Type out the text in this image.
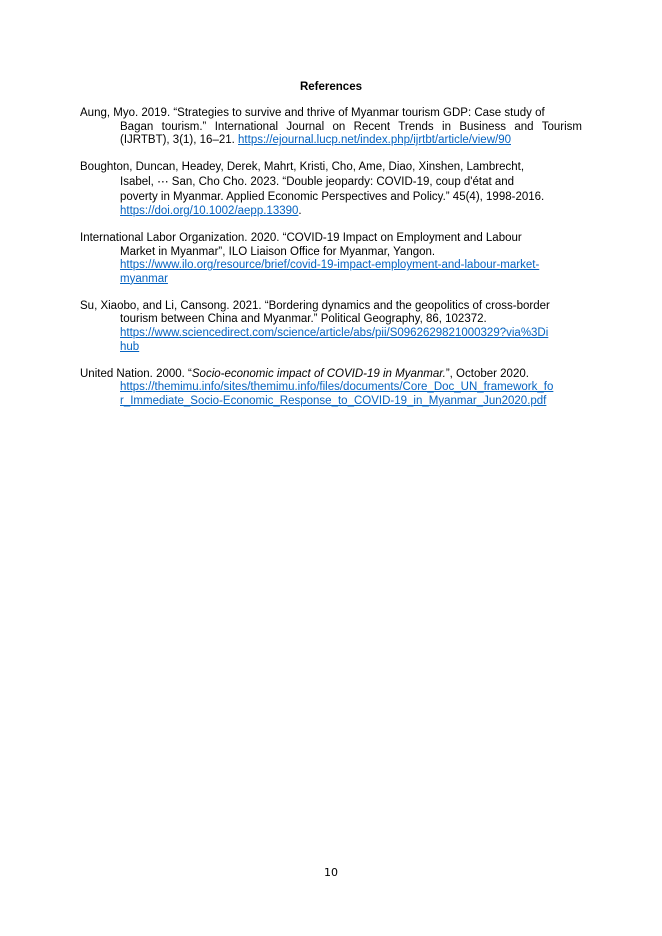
References

Aung, Myo. 2019. “Strategies to survive and thrive of Myanmar tourism GDP: Case study of
Bagan tourism.” International Journal on Recent Trends in Business and Tourism
(IJRTBT), 3(1), 16–21. https://ejournal.lucp.net/index.php/ijrtbt/article/view/90

Boughton, Duncan, Headey, Derek, Mahrt, Kristi, Cho, Ame, Diao, Xinshen, Lambrecht,
Isabel, ⋯ San, Cho Cho. 2023. “Double jeopardy: COVID‐19, coup d'état and
poverty in Myanmar. Applied Economic Perspectives and Policy.” 45(4), 1998‐2016.
https://doi.org/10.1002/aepp.13390.

International Labor Organization. 2020. “COVID-19 Impact on Employment and Labour
Market in Myanmar”, ILO Liaison Office for Myanmar, Yangon.
https://www.ilo.org/resource/brief/covid-19-impact-employment-and-labour-market-
myanmar

Su, Xiaobo, and Li, Cansong. 2021. “Bordering dynamics and the geopolitics of cross-border
tourism between China and Myanmar.” Political Geography, 86, 102372.
https://www.sciencedirect.com/science/article/abs/pii/S0962629821000329?via%3Di
hub

United Nation. 2000. “Socio-economic impact of COVID-19 in Myanmar.”, October 2020.
https://themimu.info/sites/themimu.info/files/documents/Core_Doc_UN_framework_fo
r_Immediate_Socio-Economic_Response_to_COVID-19_in_Myanmar_Jun2020.pdf

10
